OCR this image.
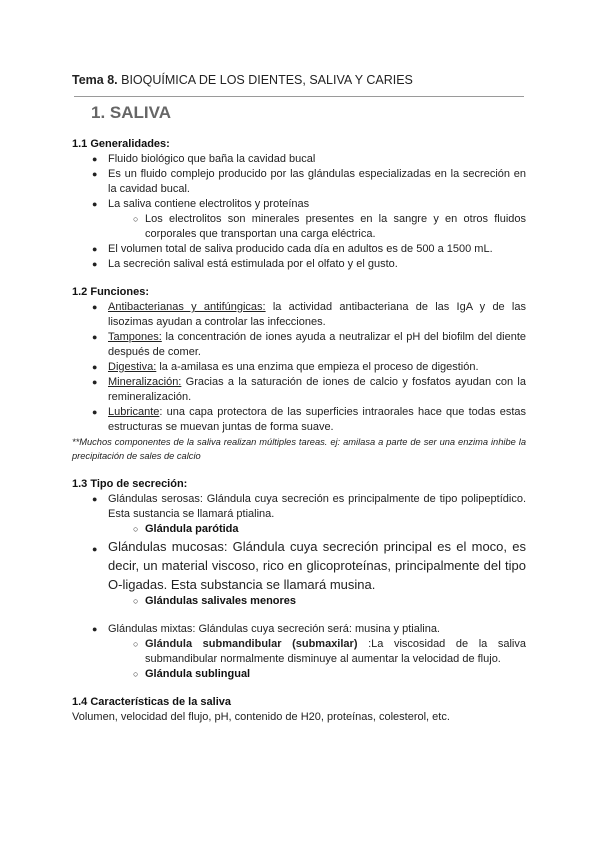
Tema 8. BIOQUÍMICA DE LOS DIENTES, SALIVA Y CARIES
1. SALIVA
1.1 Generalidades:
● Fluido biológico que baña la cavidad bucal
● Es un fluido complejo producido por las glándulas especializadas en la secreción en la cavidad bucal.
● La saliva contiene electrolitos y proteínas
○ Los electrolitos son minerales presentes en la sangre y en otros fluidos corporales que transportan una carga eléctrica.
● El volumen total de saliva producido cada día en adultos es de 500 a 1500 mL.
● La secreción salival está estimulada por el olfato y el gusto.
1.2 Funciones:
● Antibacterianas y antifúngicas: la actividad antibacteriana de las IgA y de las lisozimas ayudan a controlar las infecciones.
● Tampones: la concentración de iones ayuda a neutralizar el pH del biofilm del diente después de comer.
● Digestiva: la a-amilasa es una enzima que empieza el proceso de digestión.
● Mineralización: Gracias a la saturación de iones de calcio y fosfatos ayudan con la remineralización.
● Lubricante: una capa protectora de las superficies intraorales hace que todas estas estructuras se muevan juntas de forma suave.
**Muchos componentes de la saliva realizan múltiples tareas. ej: amilasa a parte de ser una enzima inhibe la precipitación de sales de calcio
1.3 Tipo de secreción:
● Glándulas serosas: Glándula cuya secreción es principalmente de tipo polipeptídico. Esta sustancia se llamará ptialina.
○ Glándula parótida
● Glándulas mucosas: Glándula cuya secreción principal es el moco, es decir, un material viscoso, rico en glicoproteínas, principalmente del tipo O-ligadas. Esta substancia se llamará musina.
○ Glándulas salivales menores
● Glándulas mixtas: Glándulas cuya secreción será: musina y ptialina.
○ Glándula submandibular (submaxilar) :La viscosidad de la saliva submandibular normalmente disminuye al aumentar la velocidad de flujo.
○ Glándula sublingual
1.4 Características de la saliva
Volumen, velocidad del flujo, pH, contenido de H20, proteínas, colesterol, etc.
